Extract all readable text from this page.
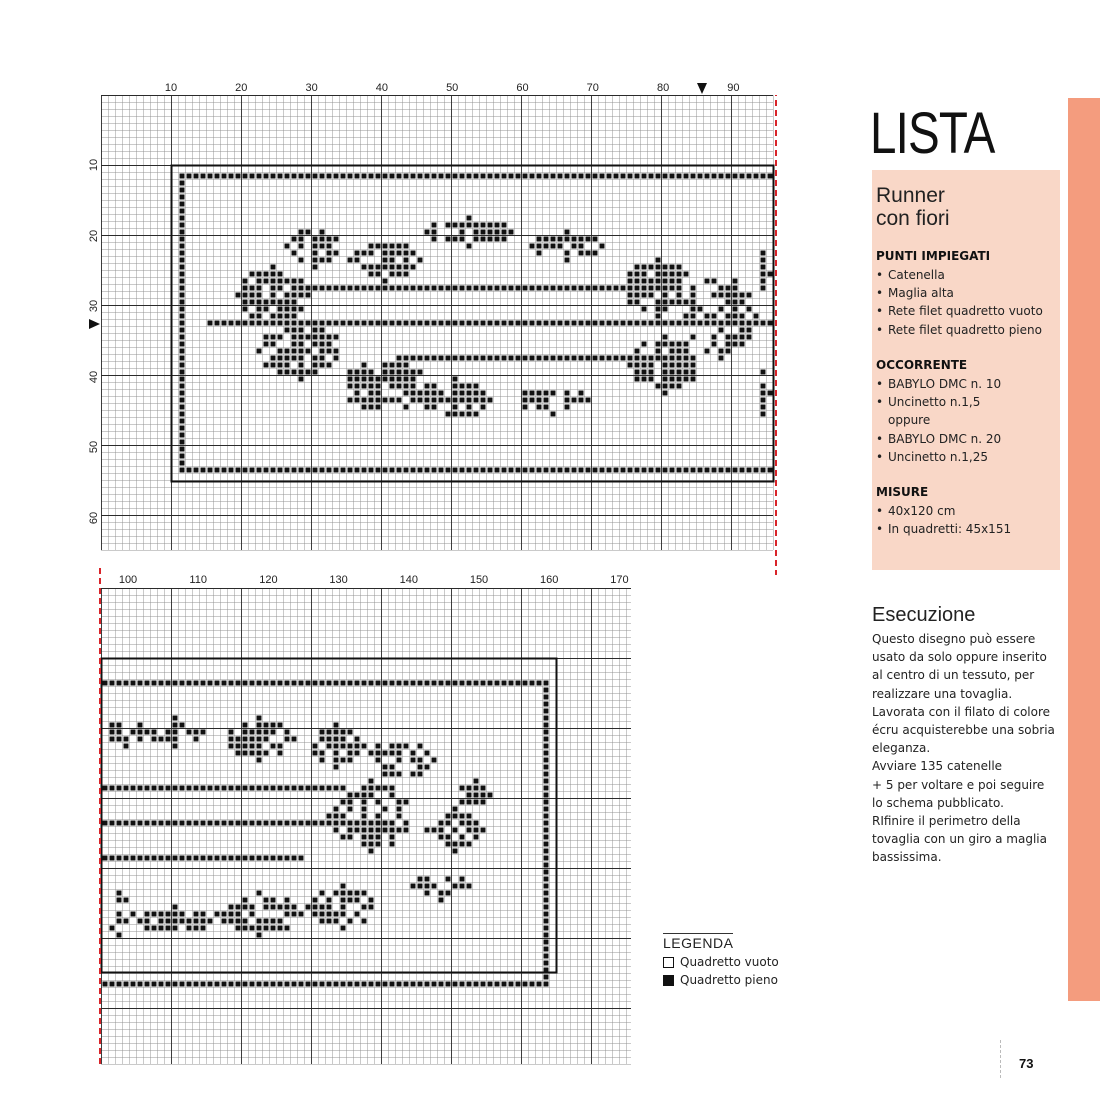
10	20	30	40	50	60	70	80	90
10
20
30
40
50
60
100	110	120	130	140	150	160	170
LISTA
Runner
con fiori
PUNTI IMPIEGATI
• Catenella
• Maglia alta
• Rete filet quadretto vuoto
• Rete filet quadretto pieno
OCCORRENTE
• BABYLO DMC n. 10
• Uncinetto n.1,5
oppure
• BABYLO DMC n. 20
• Uncinetto n.1,25
MISURE
• 40x120 cm
• In quadretti: 45x151
Esecuzione
Questo disegno può essere
usato da solo oppure inserito
al centro di un tessuto, per
realizzare una tovaglia.
Lavorata con il filato di colore
écru acquisterebbe una sobria
eleganza.
Avviare 135 catenelle
+ 5 per voltare e poi seguire
lo schema pubblicato.
RIfinire il perimetro della
tovaglia con un giro a maglia
bassissima.
LEGENDA
Quadretto vuoto
Quadretto pieno
73
